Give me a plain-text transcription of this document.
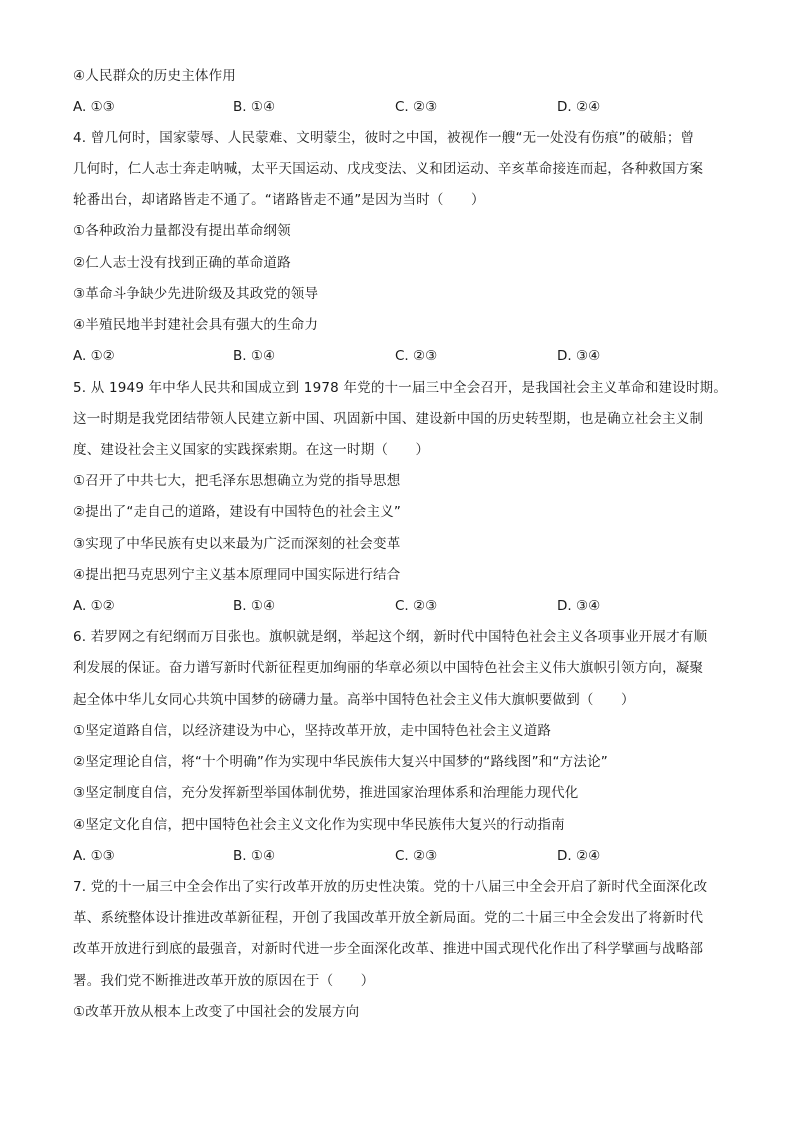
④人民群众的历史主体作用
A. ①③	B. ①④	C. ②③	D. ②④
4. 曾几何时，国家蒙辱、人民蒙难、文明蒙尘，彼时之中国，被视作一艘“无一处没有伤痕”的破船；曾
几何时，仁人志士奔走呐喊，太平天国运动、戊戌变法、义和团运动、辛亥革命接连而起，各种救国方案
轮番出台，却诸路皆走不通了。“诸路皆走不通”是因为当时（　　）
①各种政治力量都没有提出革命纲领
②仁人志士没有找到正确的革命道路
③革命斗争缺少先进阶级及其政党的领导
④半殖民地半封建社会具有强大的生命力
A. ①②	B. ①④	C. ②③	D. ③④
5. 从 1949 年中华人民共和国成立到 1978 年党的十一届三中全会召开，是我国社会主义革命和建设时期。
这一时期是我党团结带领人民建立新中国、巩固新中国、建设新中国的历史转型期，也是确立社会主义制
度、建设社会主义国家的实践探索期。在这一时期（　　）
①召开了中共七大，把毛泽东思想确立为党的指导思想
②提出了“走自己的道路，建设有中国特色的社会主义”
③实现了中华民族有史以来最为广泛而深刻的社会变革
④提出把马克思列宁主义基本原理同中国实际进行结合
A. ①②	B. ①④	C. ②③	D. ③④
6. 若罗网之有纪纲而万目张也。旗帜就是纲，举起这个纲，新时代中国特色社会主义各项事业开展才有顺
利发展的保证。奋力谱写新时代新征程更加绚丽的华章必须以中国特色社会主义伟大旗帜引领方向，凝聚
起全体中华儿女同心共筑中国梦的磅礴力量。高举中国特色社会主义伟大旗帜要做到（　　）
①坚定道路自信，以经济建设为中心，坚持改革开放，走中国特色社会主义道路
②坚定理论自信，将“十个明确”作为实现中华民族伟大复兴中国梦的“路线图”和“方法论”
③坚定制度自信，充分发挥新型举国体制优势，推进国家治理体系和治理能力现代化
④坚定文化自信，把中国特色社会主义文化作为实现中华民族伟大复兴的行动指南
A. ①③	B. ①④	C. ②③	D. ②④
7. 党的十一届三中全会作出了实行改革开放的历史性决策。党的十八届三中全会开启了新时代全面深化改
革、系统整体设计推进改革新征程，开创了我国改革开放全新局面。党的二十届三中全会发出了将新时代
改革开放进行到底的最强音，对新时代进一步全面深化改革、推进中国式现代化作出了科学擘画与战略部
署。我们党不断推进改革开放的原因在于（　　）
①改革开放从根本上改变了中国社会的发展方向
